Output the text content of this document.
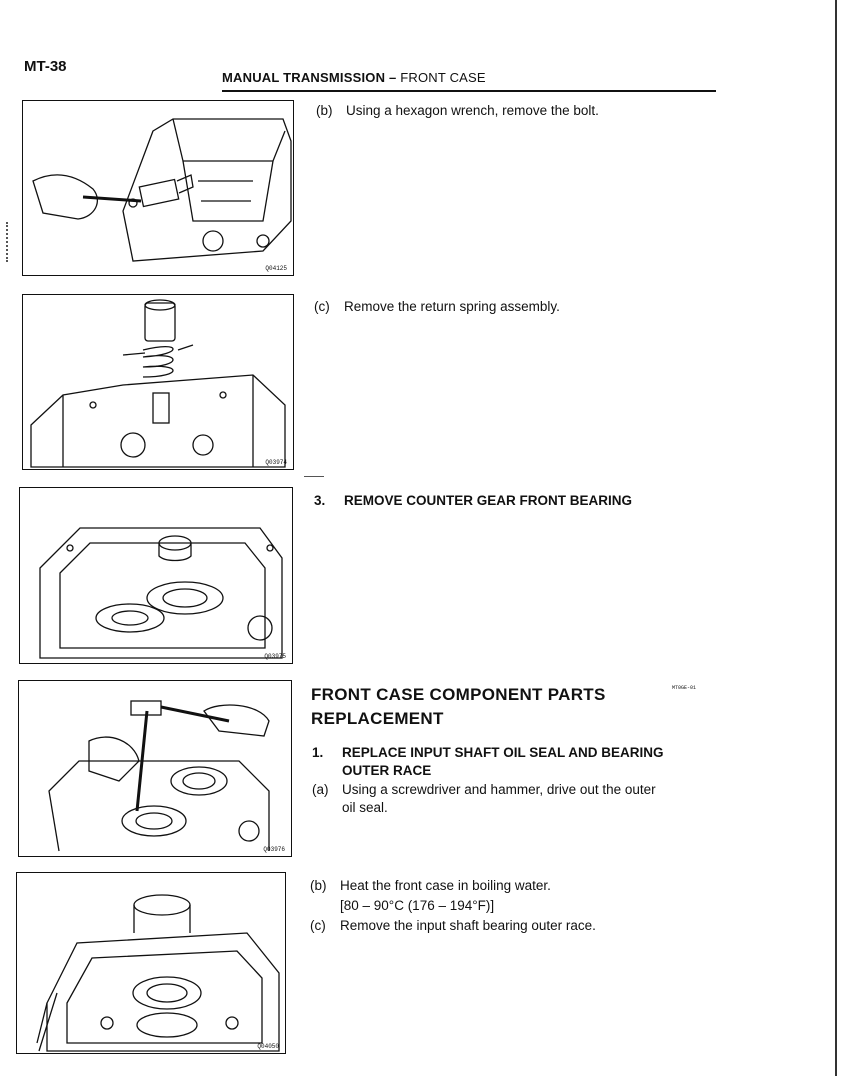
MT-38
MANUAL TRANSMISSION – FRONT CASE
Q04125
Q03974
Q03975
Q03976
Q04050
(b) Using a hexagon wrench, remove the bolt.
(c) Remove the return spring assembly.
3. REMOVE COUNTER GEAR FRONT BEARING
FRONT CASE COMPONENT PARTS
REPLACEMENT
MT0GE-01
1. REPLACE INPUT SHAFT OIL SEAL AND BEARING
OUTER RACE
(a) Using a screwdriver and hammer, drive out the outer
oil seal.
(b) Heat the front case in boiling water.
[80 – 90°C (176 – 194°F)]
(c) Remove the input shaft bearing outer race.
